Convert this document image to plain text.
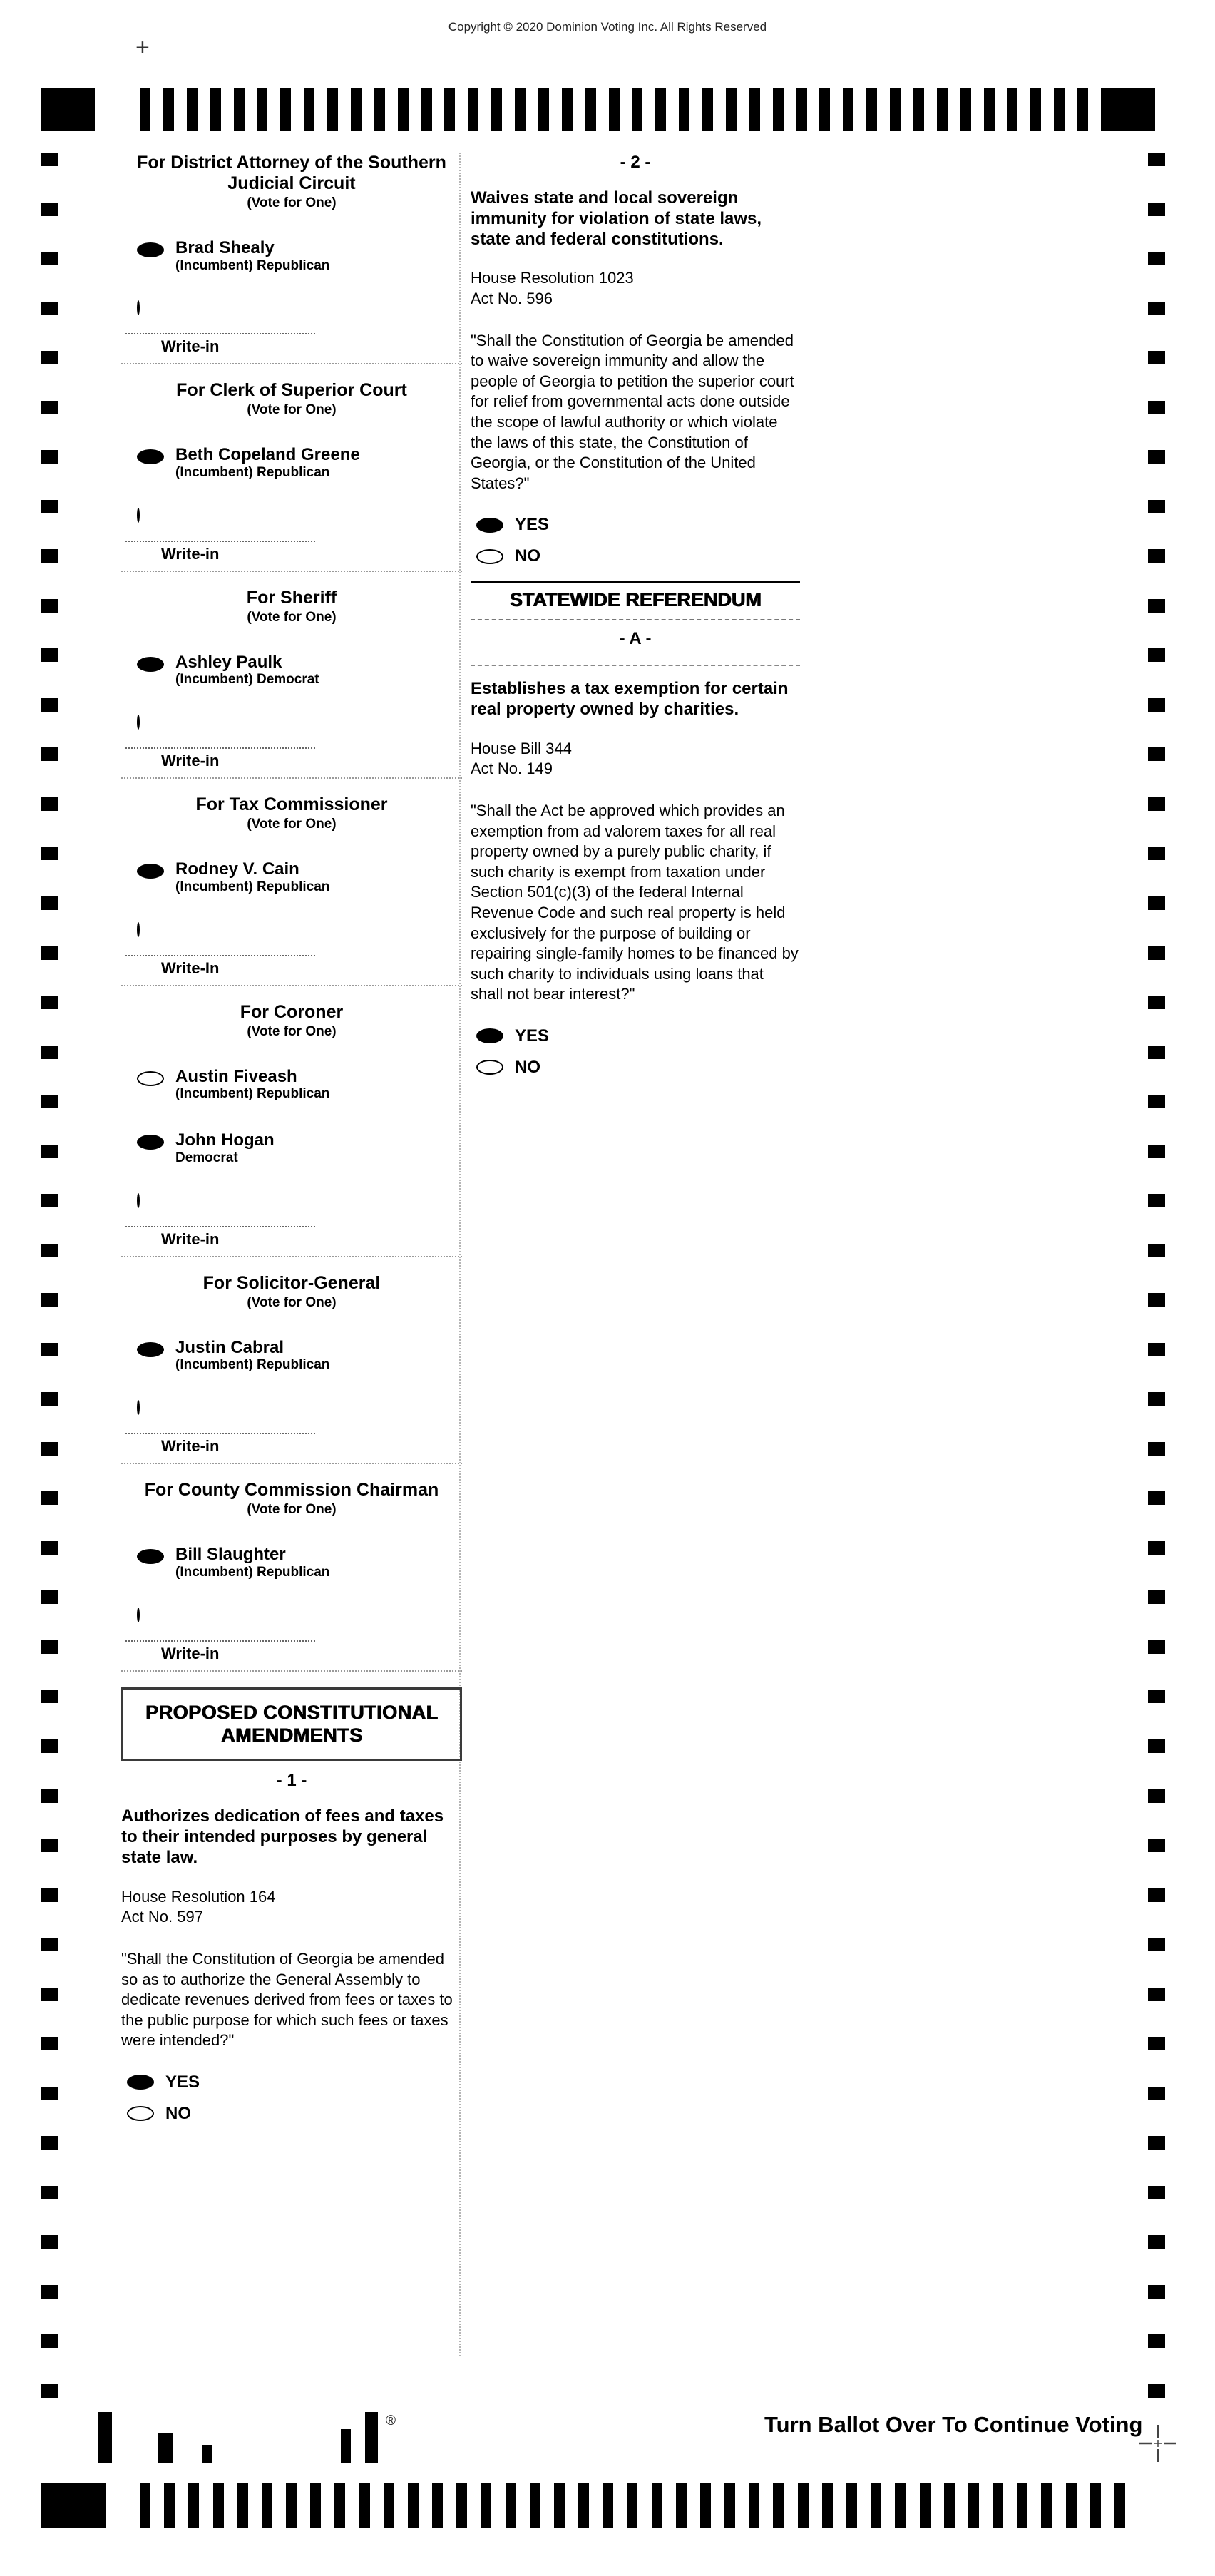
Copyright © 2020 Dominion Voting Inc. All Rights Reserved
+
For District Attorney of the Southern Judicial Circuit
(Vote for One)
Brad Shealy
(Incumbent) Republican
Write-in
For Clerk of Superior Court
(Vote for One)
Beth Copeland Greene
(Incumbent) Republican
Write-in
For Sheriff
(Vote for One)
Ashley Paulk
(Incumbent) Democrat
Write-in
For Tax Commissioner
(Vote for One)
Rodney V. Cain
(Incumbent) Republican
Write-In
For Coroner
(Vote for One)
Austin Fiveash
(Incumbent) Republican
John Hogan
Democrat
Write-in
For Solicitor-General
(Vote for One)
Justin Cabral
(Incumbent) Republican
Write-in
For County Commission Chairman
(Vote for One)
Bill Slaughter
(Incumbent) Republican
Write-in
PROPOSED CONSTITUTIONAL AMENDMENTS
- 1 -
Authorizes dedication of fees and taxes to their intended purposes by general state law.
House Resolution 164
Act No. 597
"Shall the Constitution of Georgia be amended so as to authorize the General Assembly to dedicate revenues derived from fees or taxes to the public purpose for which such fees or taxes were intended?"
YES
NO
- 2 -
Waives state and local sovereign immunity for violation of state laws, state and federal constitutions.
House Resolution 1023
Act No. 596
"Shall the Constitution of Georgia be amended to waive sovereign immunity and allow the people of Georgia to petition the superior court for relief from governmental acts done outside the scope of lawful authority or which violate the laws of this state, the Constitution of Georgia, or the Constitution of the United States?"
YES
NO
STATEWIDE REFERENDUM
- A -
Establishes a tax exemption for certain real property owned by charities.
House Bill 344
Act No. 149
"Shall the Act be approved which provides an exemption from ad valorem taxes for all real property owned by a purely public charity, if such charity is exempt from taxation under Section 501(c)(3) of the federal Internal Revenue Code and such real property is held exclusively for the purpose of building or repairing single-family homes to be financed by such charity to individuals using loans that shall not bear interest?"
YES
NO
Turn Ballot Over To Continue Voting
®
